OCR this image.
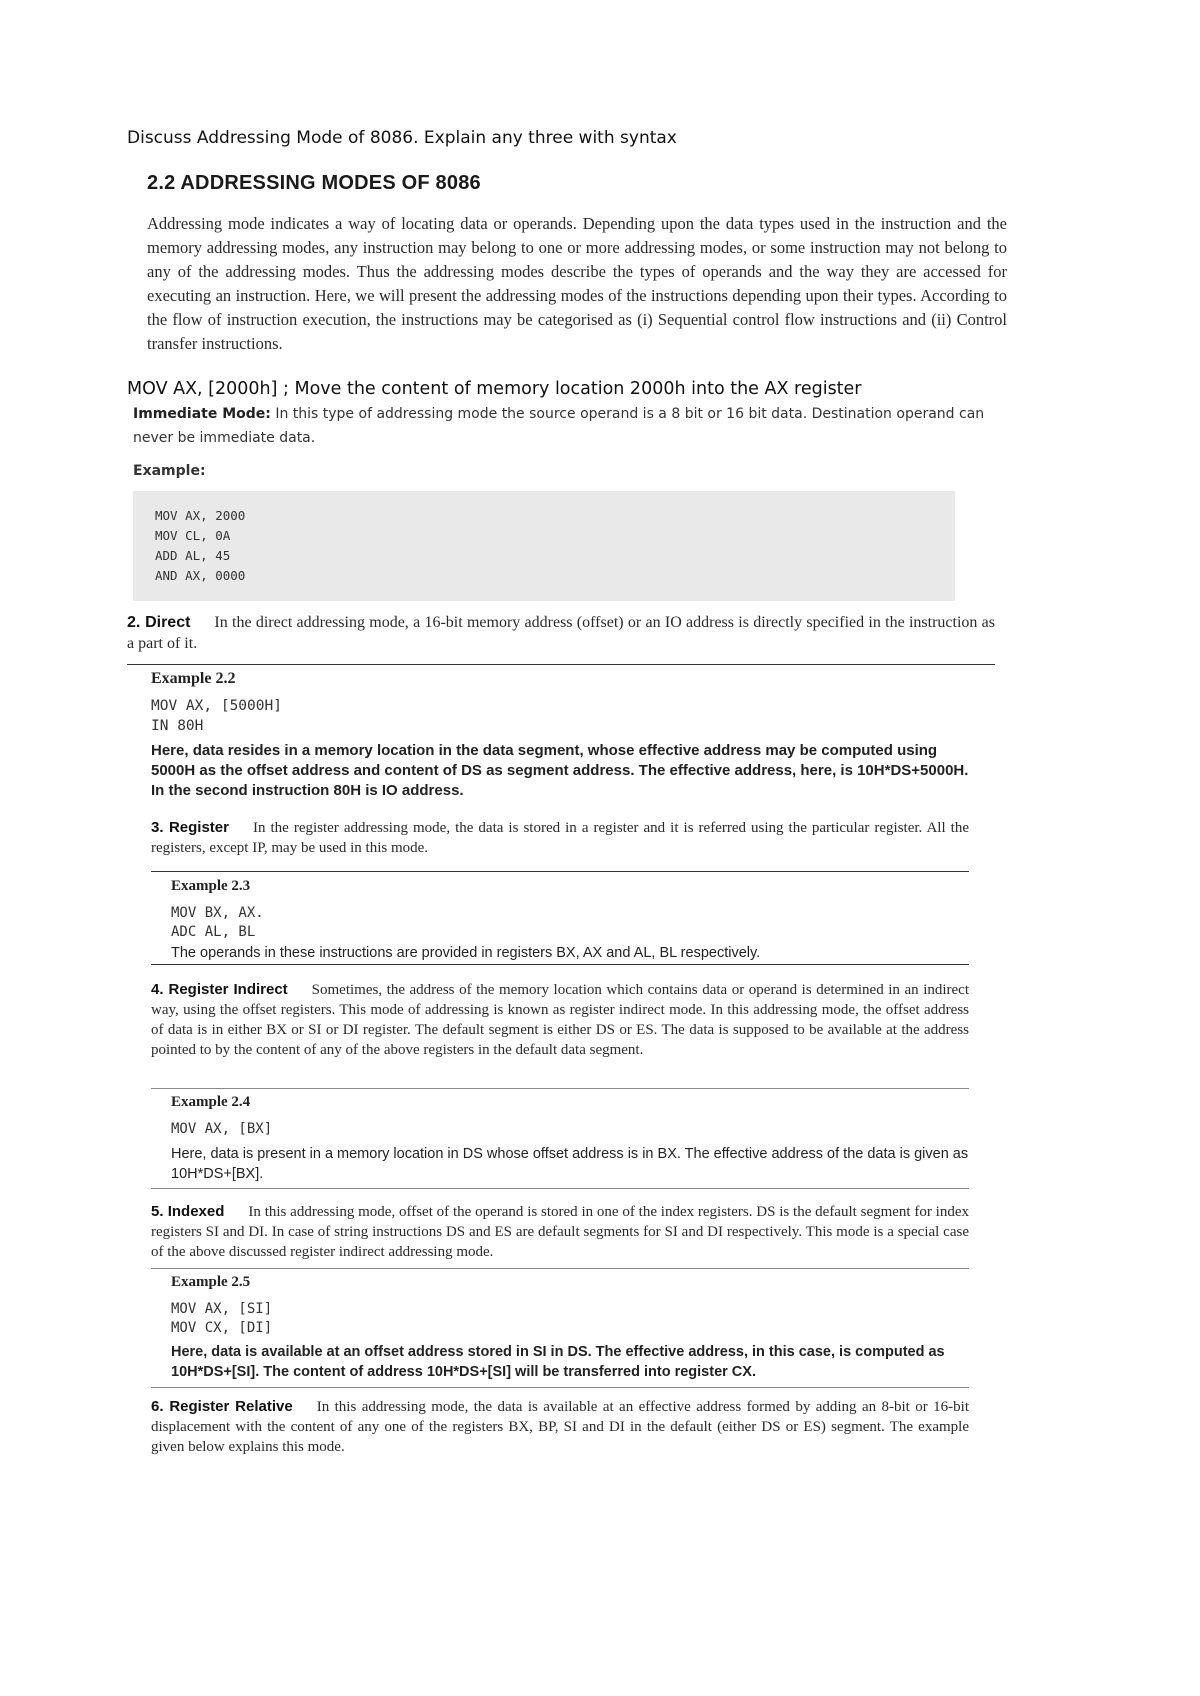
Discuss Addressing Mode of 8086. Explain any three with syntax
2.2 ADDRESSING MODES OF 8086
Addressing mode indicates a way of locating data or operands. Depending upon the data types used in the instruction and the memory addressing modes, any instruction may belong to one or more addressing modes, or some instruction may not belong to any of the addressing modes. Thus the addressing modes describe the types of operands and the way they are accessed for executing an instruction. Here, we will present the addressing modes of the instructions depending upon their types. According to the flow of instruction execution, the instructions may be categorised as (i) Sequential control flow instructions and (ii) Control transfer instructions.
MOV AX, [2000h] ; Move the content of memory location 2000h into the AX register
Immediate Mode: In this type of addressing mode the source operand is a 8 bit or 16 bit data. Destination operand can never be immediate data.
Example:
MOV AX, 2000
MOV CL, 0A
ADD AL, 45
AND AX, 0000
2. Direct In the direct addressing mode, a 16-bit memory address (offset) or an IO address is directly specified in the instruction as a part of it.
Example 2.2
MOV AX, [5000H]
IN 80H
Here, data resides in a memory location in the data segment, whose effective address may be computed using 5000H as the offset address and content of DS as segment address. The effective address, here, is 10H*DS+5000H. In the second instruction 80H is IO address.
3. Register In the register addressing mode, the data is stored in a register and it is referred using the particular register. All the registers, except IP, may be used in this mode.
Example 2.3
MOV BX, AX.
ADC AL, BL
The operands in these instructions are provided in registers BX, AX and AL, BL respectively.
4. Register Indirect Sometimes, the address of the memory location which contains data or operand is determined in an indirect way, using the offset registers. This mode of addressing is known as register indirect mode. In this addressing mode, the offset address of data is in either BX or SI or DI register. The default segment is either DS or ES. The data is supposed to be available at the address pointed to by the content of any of the above registers in the default data segment.
Example 2.4
MOV AX, [BX]
Here, data is present in a memory location in DS whose offset address is in BX. The effective address of the data is given as 10H*DS+[BX].
5. Indexed In this addressing mode, offset of the operand is stored in one of the index registers. DS is the default segment for index registers SI and DI. In case of string instructions DS and ES are default segments for SI and DI respectively. This mode is a special case of the above discussed register indirect addressing mode.
Example 2.5
MOV AX, [SI]
MOV CX, [DI]
Here, data is available at an offset address stored in SI in DS. The effective address, in this case, is computed as 10H*DS+[SI]. The content of address 10H*DS+[SI] will be transferred into register CX.
6. Register Relative In this addressing mode, the data is available at an effective address formed by adding an 8-bit or 16-bit displacement with the content of any one of the registers BX, BP, SI and DI in the default (either DS or ES) segment. The example given below explains this mode.
